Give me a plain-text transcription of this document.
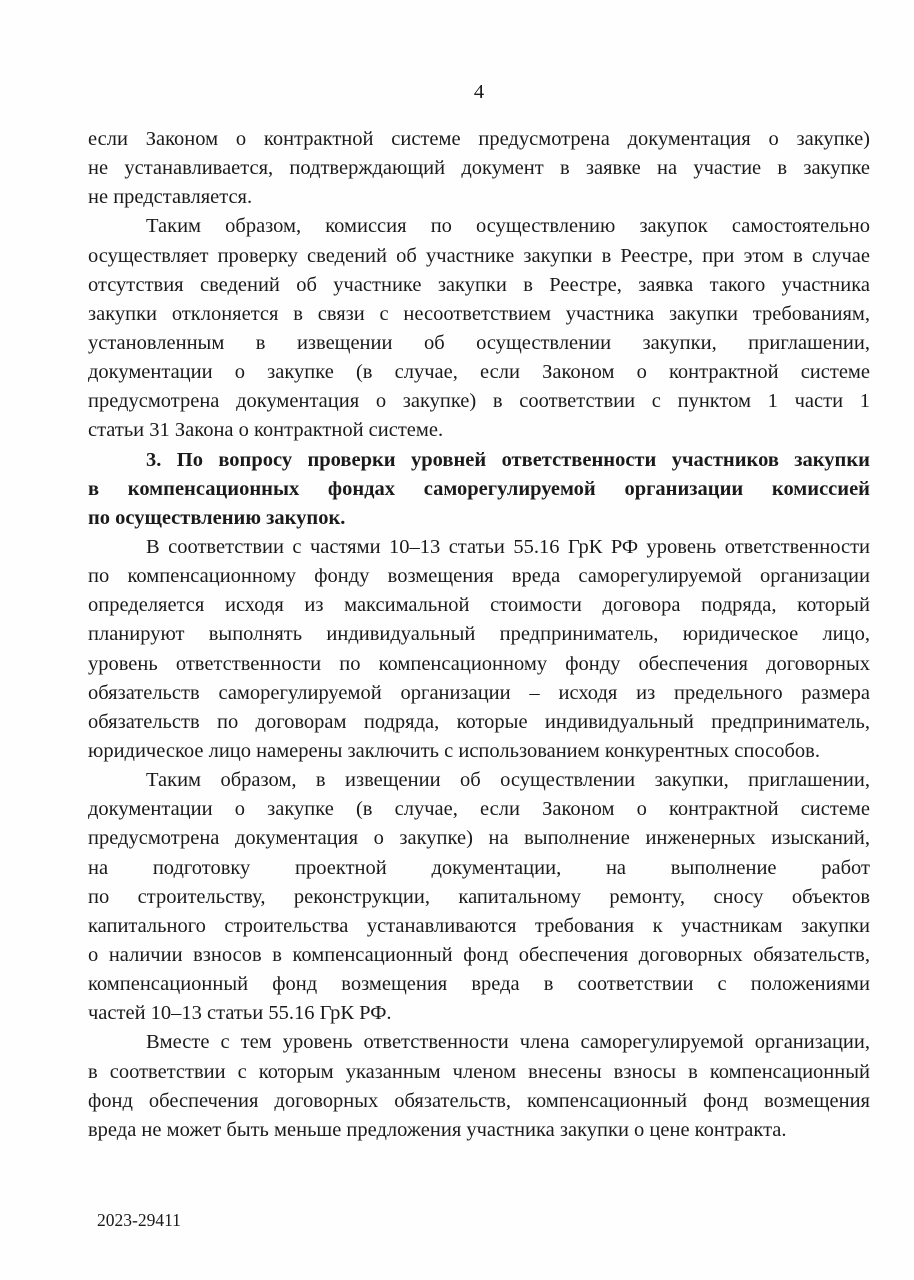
4
если Законом о контрактной системе предусмотрена документация о закупке)
не устанавливается, подтверждающий документ в заявке на участие в закупке
не представляется.
Таким образом, комиссия по осуществлению закупок самостоятельно
осуществляет проверку сведений об участнике закупки в Реестре, при этом в случае
отсутствия сведений об участнике закупки в Реестре, заявка такого участника
закупки отклоняется в связи с несоответствием участника закупки требованиям,
установленным в извещении об осуществлении закупки, приглашении,
документации о закупке (в случае, если Законом о контрактной системе
предусмотрена документация о закупке) в соответствии с пунктом 1 части 1
статьи 31 Закона о контрактной системе.
3. По вопросу проверки уровней ответственности участников закупки
в компенсационных фондах саморегулируемой организации комиссией
по осуществлению закупок.
В соответствии с частями 10–13 статьи 55.16 ГрК РФ уровень ответственности
по компенсационному фонду возмещения вреда саморегулируемой организации
определяется исходя из максимальной стоимости договора подряда, который
планируют выполнять индивидуальный предприниматель, юридическое лицо,
уровень ответственности по компенсационному фонду обеспечения договорных
обязательств саморегулируемой организации – исходя из предельного размера
обязательств по договорам подряда, которые индивидуальный предприниматель,
юридическое лицо намерены заключить с использованием конкурентных способов.
Таким образом, в извещении об осуществлении закупки, приглашении,
документации о закупке (в случае, если Законом о контрактной системе
предусмотрена документация о закупке) на выполнение инженерных изысканий,
на подготовку проектной документации, на выполнение работ
по строительству, реконструкции, капитальному ремонту, сносу объектов
капитального строительства устанавливаются требования к участникам закупки
о наличии взносов в компенсационный фонд обеспечения договорных обязательств,
компенсационный фонд возмещения вреда в соответствии с положениями
частей 10–13 статьи 55.16 ГрК РФ.
Вместе с тем уровень ответственности члена саморегулируемой организации,
в соответствии с которым указанным членом внесены взносы в компенсационный
фонд обеспечения договорных обязательств, компенсационный фонд возмещения
вреда не может быть меньше предложения участника закупки о цене контракта.
2023-29411
